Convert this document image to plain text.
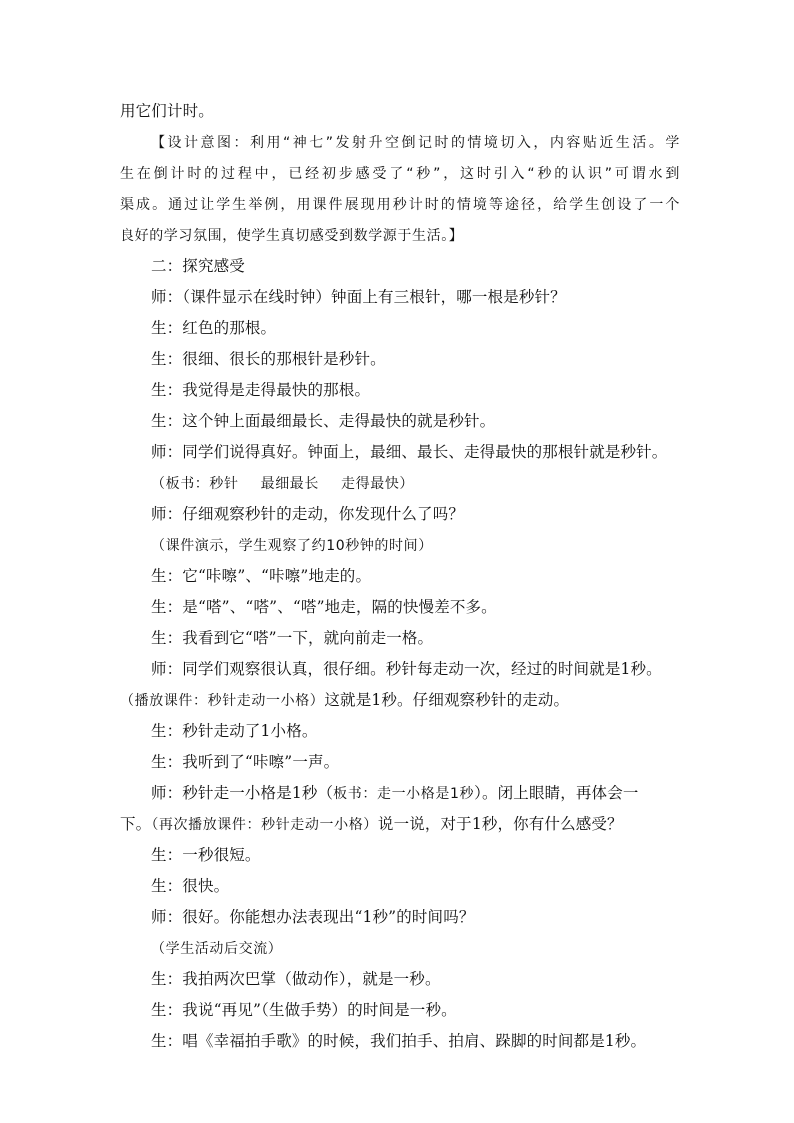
用它们计时。
【设计意图：利用“神七”发射升空倒记时的情境切入，内容贴近生活。学
生在倒计时的过程中，已经初步感受了“秒”，这时引入“秒的认识”可谓水到
渠成。通过让学生举例，用课件展现用秒计时的情境等途径，给学生创设了一个
良好的学习氛围，使学生真切感受到数学源于生活。】
二：探究感受
师：（课件显示在线时钟）钟面上有三根针，哪一根是秒针？
生：红色的那根。
生：很细、很长的那根针是秒针。
生：我觉得是走得最快的那根。
生：这个钟上面最细最长、走得最快的就是秒针。
师：同学们说得真好。钟面上，最细、最长、走得最快的那根针就是秒针。
（板书：秒针 最细最长 走得最快）
师：仔细观察秒针的走动，你发现什么了吗？
（课件演示，学生观察了约10秒钟的时间）
生：它“咔嚓”、“咔嚓”地走的。
生：是“嗒”、“嗒”、“嗒”地走，隔的快慢差不多。
生：我看到它“嗒”一下，就向前走一格。
师：同学们观察很认真，很仔细。秒针每走动一次，经过的时间就是1秒。
（播放课件：秒针走动一小格）这就是1秒。仔细观察秒针的走动。
生：秒针走动了1小格。
生：我听到了“咔嚓”一声。
师：秒针走一小格是1秒（板书：走一小格是1秒）。闭上眼睛，再体会一
下。（再次播放课件：秒针走动一小格）说一说，对于1秒，你有什么感受？
生：一秒很短。
生：很快。
师：很好。你能想办法表现出“1秒”的时间吗？
（学生活动后交流）
生：我拍两次巴掌（做动作），就是一秒。
生：我说“再见”（生做手势）的时间是一秒。
生：唱《幸福拍手歌》的时候，我们拍手、拍肩、跺脚的时间都是1秒。
